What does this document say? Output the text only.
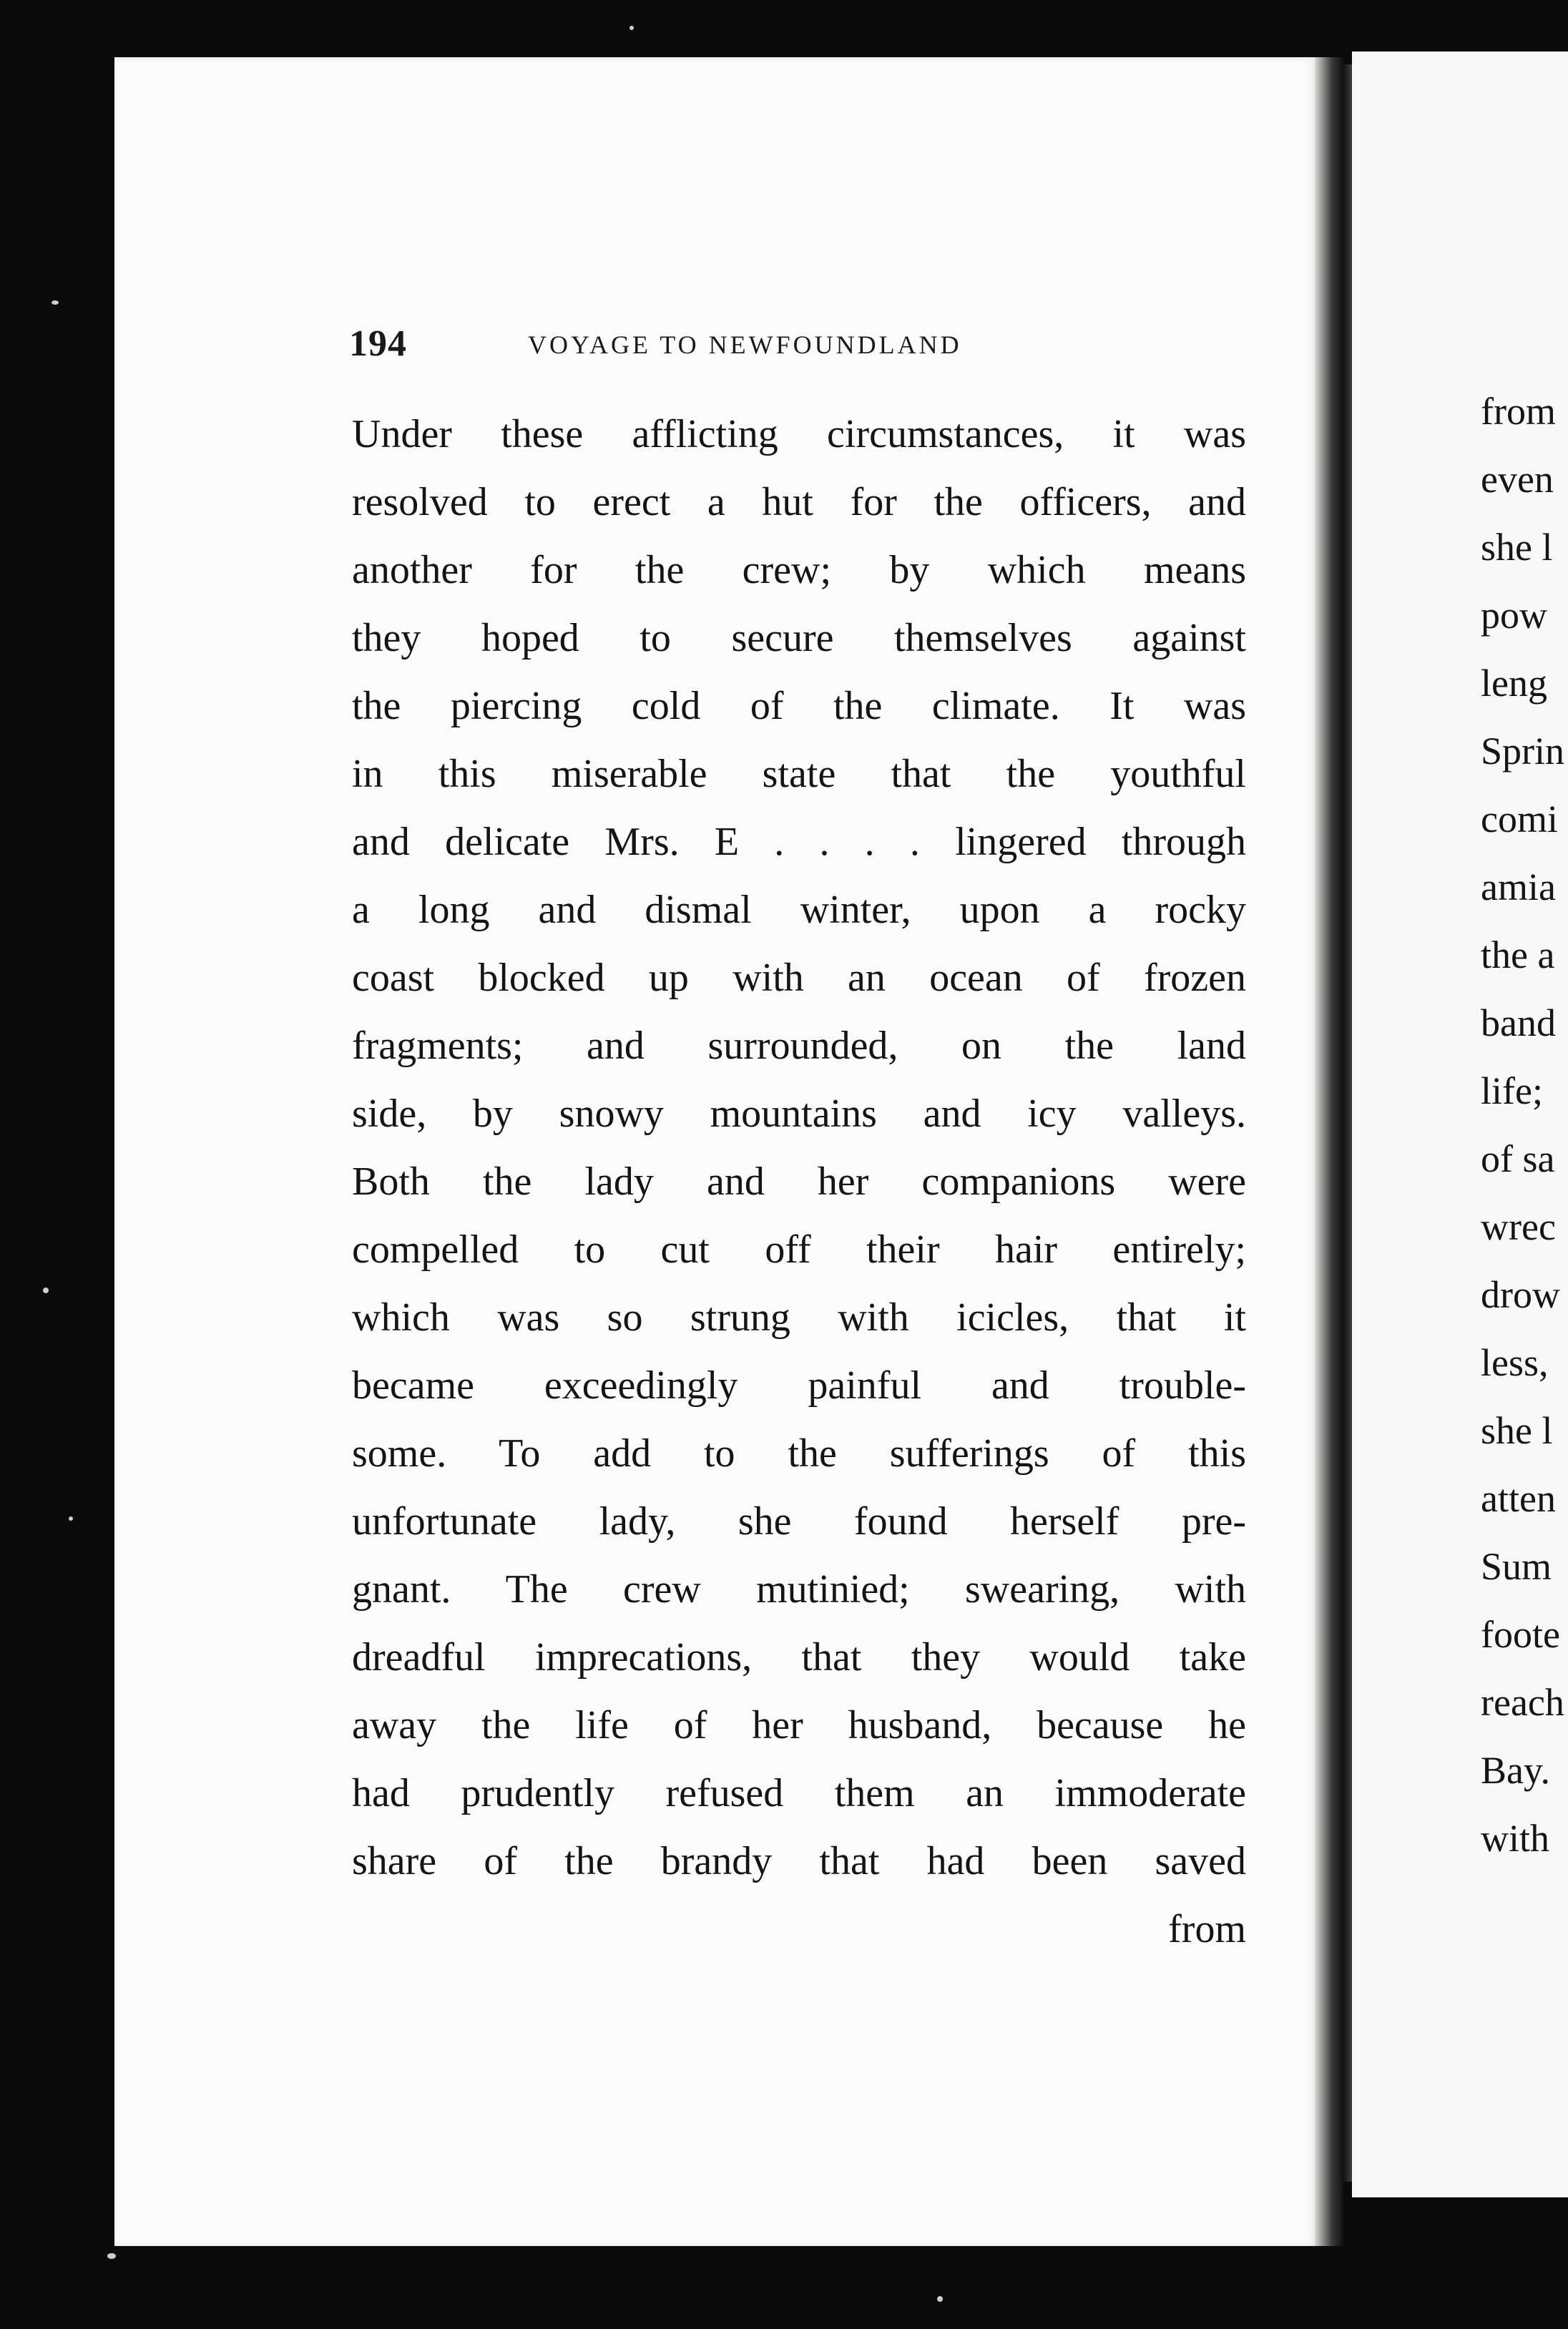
194	VOYAGE TO NEWFOUNDLAND
Under these afflicting circumstances, it was
resolved to erect a hut for the officers, and
another for the crew; by which means
they hoped to secure themselves against
the piercing cold of the climate. It was
in this miserable state that the youthful
and delicate Mrs. E . . . . lingered through
a long and dismal winter, upon a rocky
coast blocked up with an ocean of frozen
fragments; and surrounded, on the land
side, by snowy mountains and icy valleys.
Both the lady and her companions were
compelled to cut off their hair entirely;
which was so strung with icicles, that it
became exceedingly painful and trouble-
some. To add to the sufferings of this
unfortunate lady, she found herself pre-
gnant. The crew mutinied; swearing, with
dreadful imprecations, that they would take
away the life of her husband, because he
had prudently refused them an immoderate
share of the brandy that had been saved
from
from
even
she l
pow
leng
Sprin
comi
amia
the a
band
life;
of sa
wrec
drow
less,
she l
atten
Sum
foote
reach
Bay.
with
